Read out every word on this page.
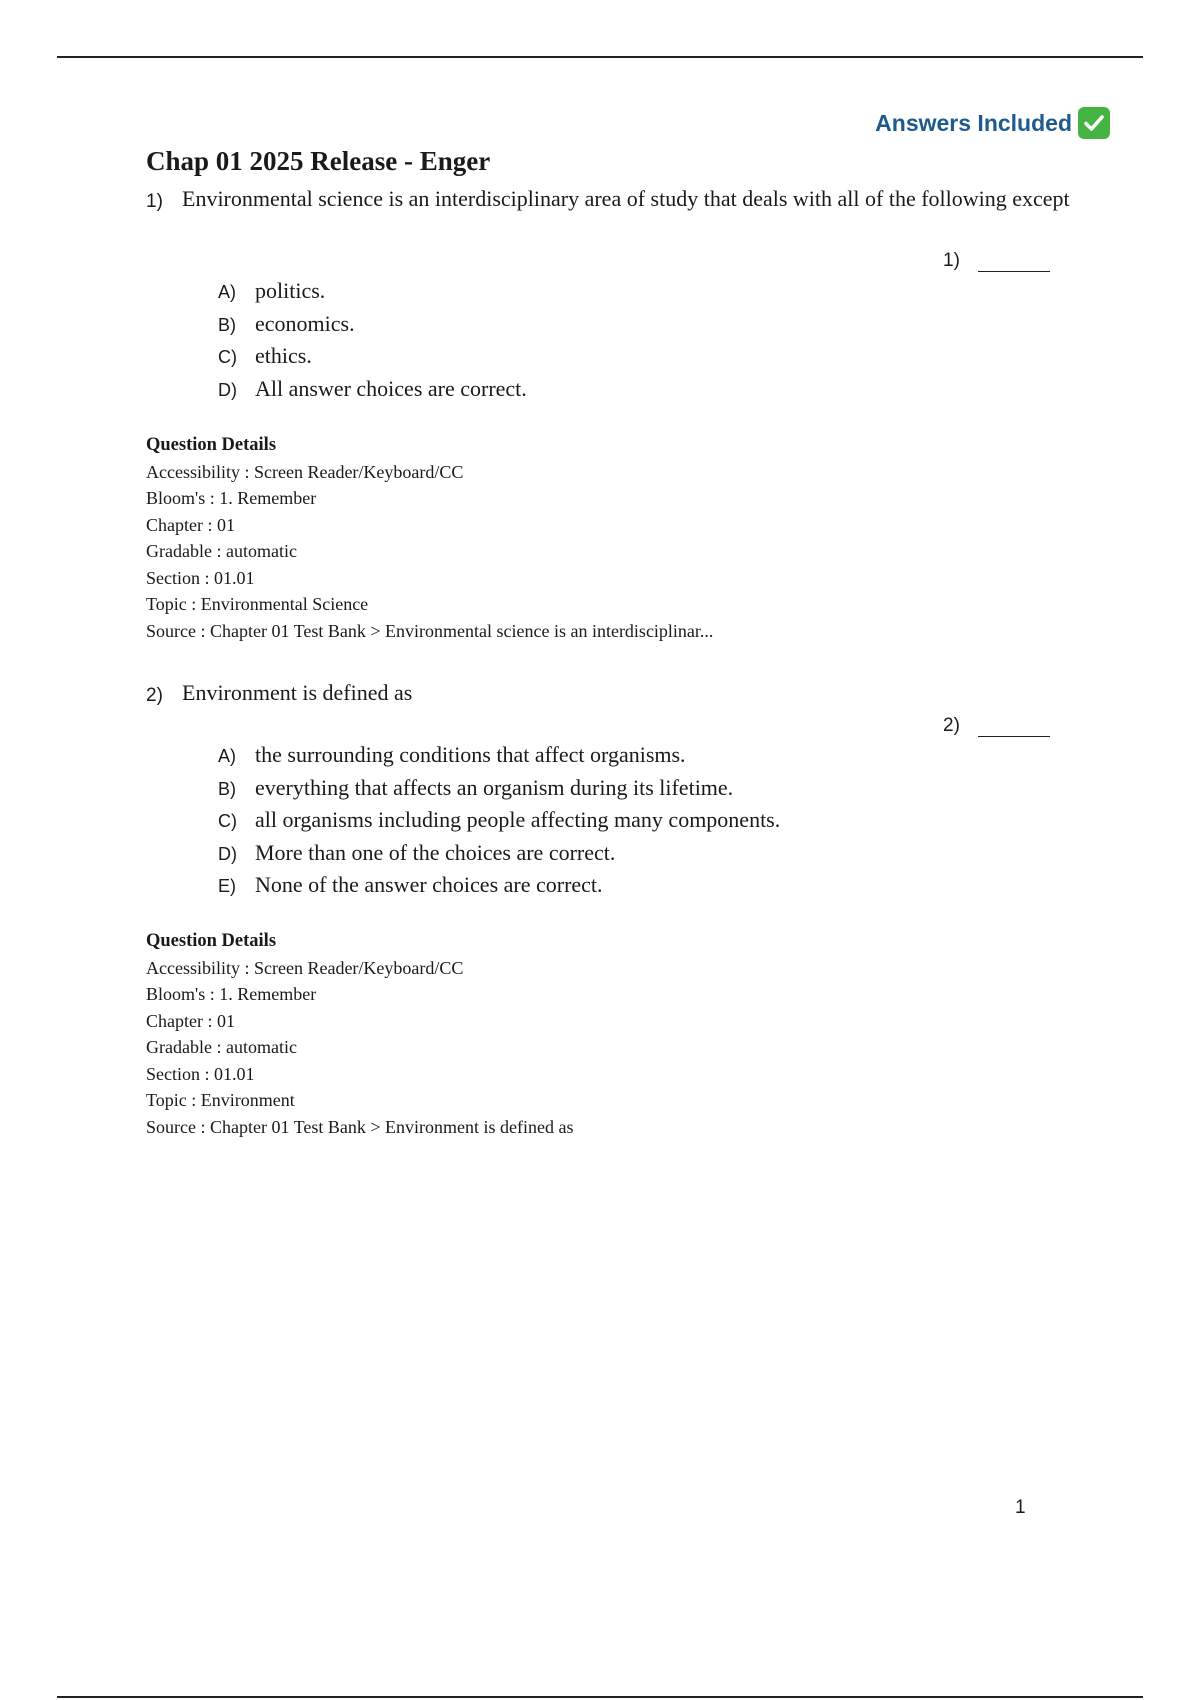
Answers Included
Chap 01 2025 Release - Enger
1) Environmental science is an interdisciplinary area of study that deals with all of the following except
1)
A) politics.
B) economics.
C) ethics.
D) All answer choices are correct.
Question Details
Accessibility : Screen Reader/Keyboard/CC
Bloom's : 1. Remember
Chapter : 01
Gradable : automatic
Section : 01.01
Topic : Environmental Science
Source : Chapter 01 Test Bank > Environmental science is an interdisciplinar...
2) Environment is defined as
2)
A) the surrounding conditions that affect organisms.
B) everything that affects an organism during its lifetime.
C) all organisms including people affecting many components.
D) More than one of the choices are correct.
E) None of the answer choices are correct.
Question Details
Accessibility : Screen Reader/Keyboard/CC
Bloom's : 1. Remember
Chapter : 01
Gradable : automatic
Section : 01.01
Topic : Environment
Source : Chapter 01 Test Bank > Environment is defined as
1
